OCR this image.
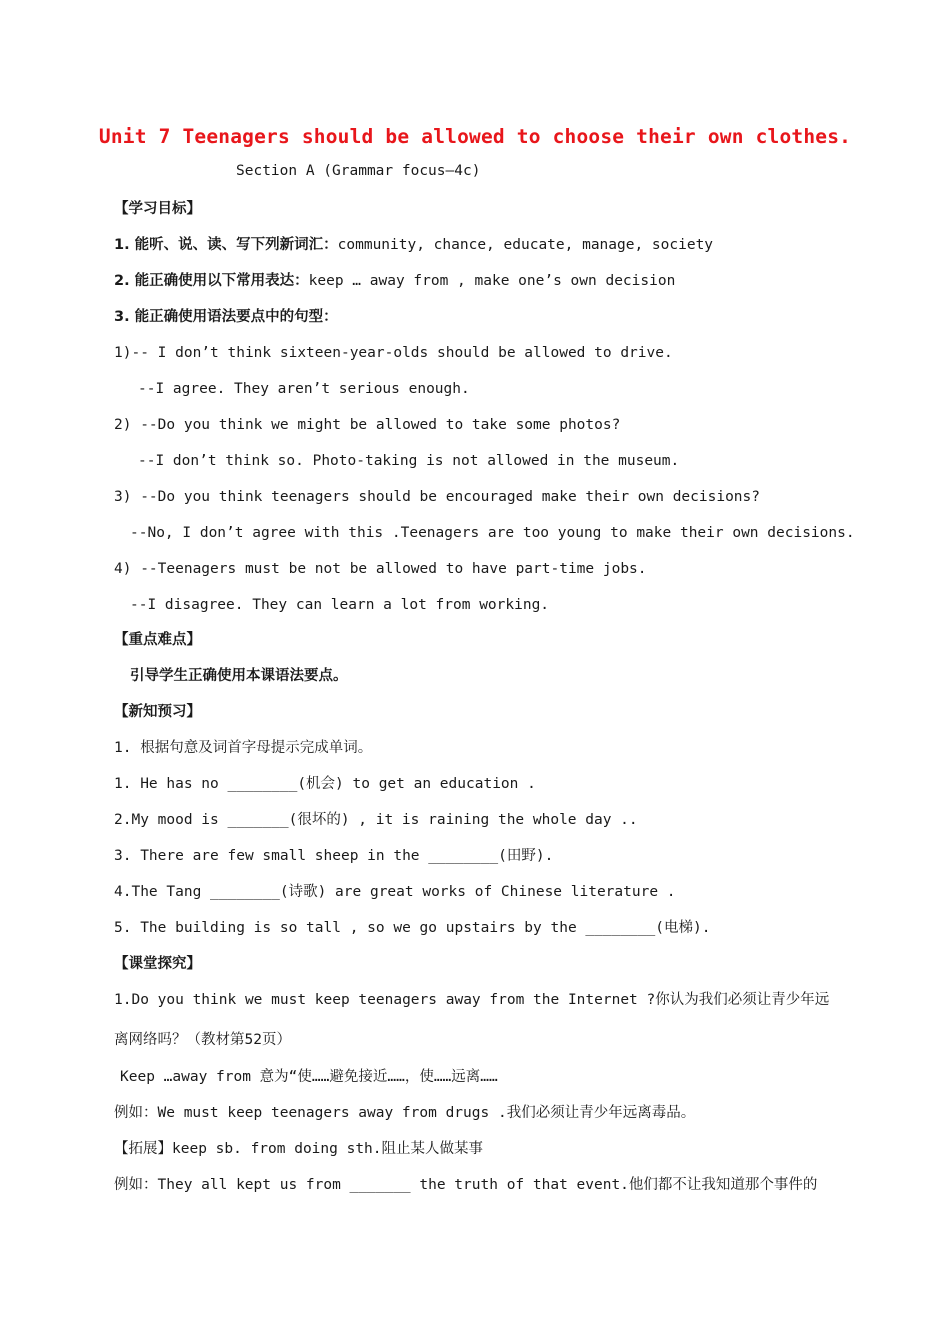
Unit 7 Teenagers should be allowed to choose their own clothes.
Section A (Grammar focus—4c)
【学习目标】
1. 能听、说、读、写下列新词汇：community, chance, educate, manage, society
2. 能正确使用以下常用表达：keep … away from , make one’s own decision
3. 能正确使用语法要点中的句型：
1)-- I don’t think sixteen-year-olds should be allowed to drive.
--I agree. They aren’t serious enough.
2) --Do you think we might be allowed to take some photos?
--I don’t think so. Photo-taking is not allowed in the museum.
3) --Do you think teenagers should be encouraged make their own decisions?
--No, I don’t agree with this .Teenagers are too young to make their own decisions.
4) --Teenagers must be not be allowed to have part-time jobs.
--I disagree. They can learn a lot from working.
【重点难点】
引导学生正确使用本课语法要点。
【新知预习】
1. 根据句意及词首字母提示完成单词。
1. He has no ________(机会) to get an education .
2.My mood is _______(很坏的) , it is raining the whole day ..
3. There are few small sheep in the ________(田野).
4.The Tang ________(诗歌) are great works of Chinese literature .
5. The building is so tall , so we go upstairs by the ________(电梯).
【课堂探究】
1.Do you think we must keep teenagers away from the Internet ?你认为我们必须让青少年远
离网络吗？（教材第52页）
Keep …away from 意为“使……避免接近……，使……远离……
例如：We must keep teenagers away from drugs .我们必须让青少年远离毒品。
【拓展】keep sb. from doing sth.阻止某人做某事
例如：They all kept us from _______ the truth of that event.他们都不让我知道那个事件的
